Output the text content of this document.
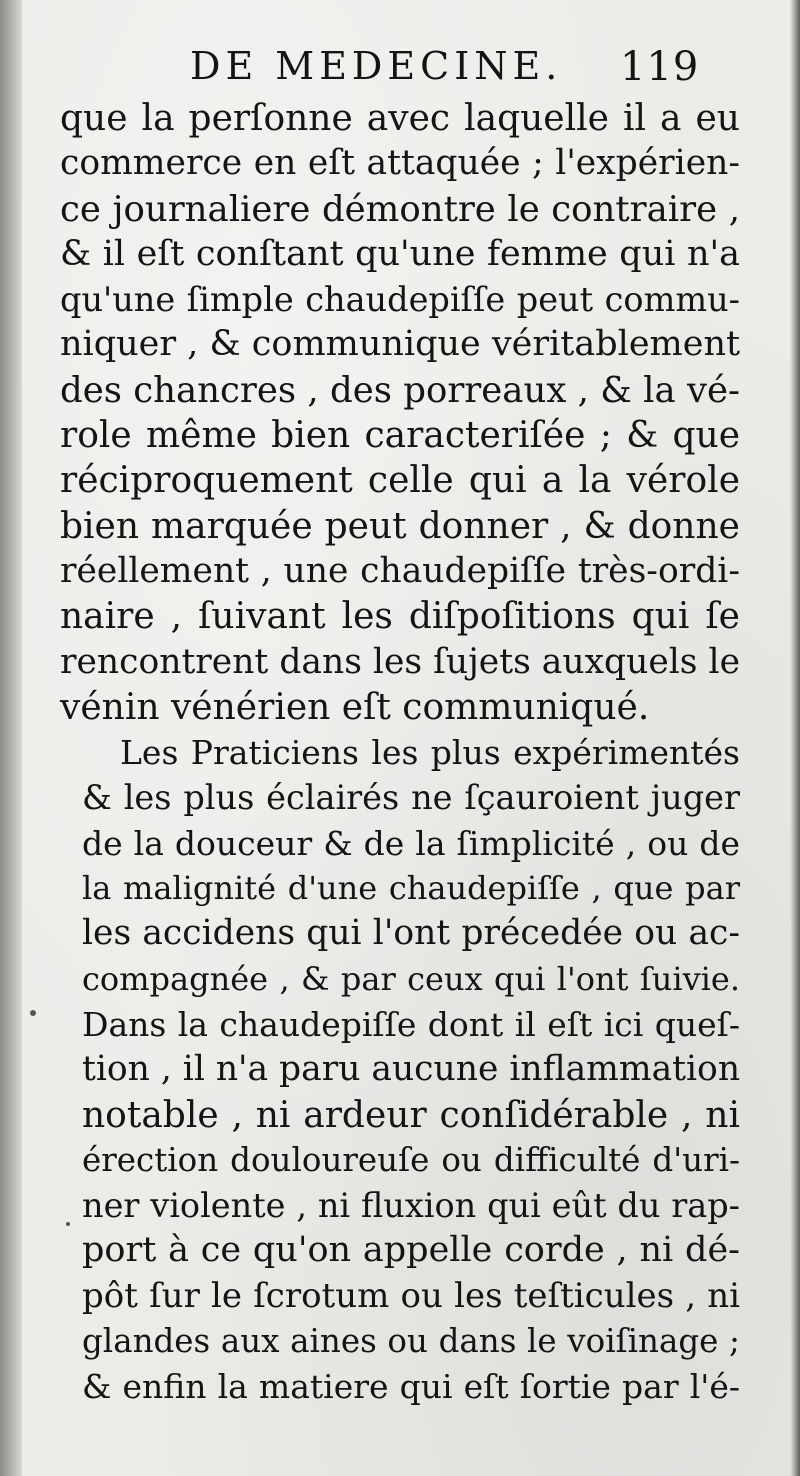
DE MEDECINE. 119
que la perſonne avec laquelle il a eu
commerce en eſt attaquée ; l'expérien-
ce journaliere démontre le contraire ,
& il eſt conſtant qu'une femme qui n'a
qu'une ſimple chaudepiſſe peut commu-
niquer , & communique véritablement
des chancres , des porreaux , & la vé-
role même bien caracteriſée ; & que
réciproquement celle qui a la vérole
bien marquée peut donner , & donne
réellement , une chaudepiſſe très-ordi-
naire , ſuivant les diſpoſitions qui ſe
rencontrent dans les ſujets auxquels le
vénin vénérien eſt communiqué.
Les Praticiens les plus expérimentés
& les plus éclairés ne ſçauroient juger
de la douceur & de la ſimplicité , ou de
la malignité d'une chaudepiſſe , que par
les accidens qui l'ont précedée ou ac-
compagnée , & par ceux qui l'ont ſuivie.
Dans la chaudepiſſe dont il eſt ici queſ-
tion , il n'a paru aucune inflammation
notable , ni ardeur conſidérable , ni
érection douloureuſe ou difficulté d'uri-
ner violente , ni fluxion qui eût du rap-
port à ce qu'on appelle corde , ni dé-
pôt ſur le ſcrotum ou les teſticules , ni
glandes aux aines ou dans le voiſinage ;
& enfin la matiere qui eſt ſortie par l'é-
